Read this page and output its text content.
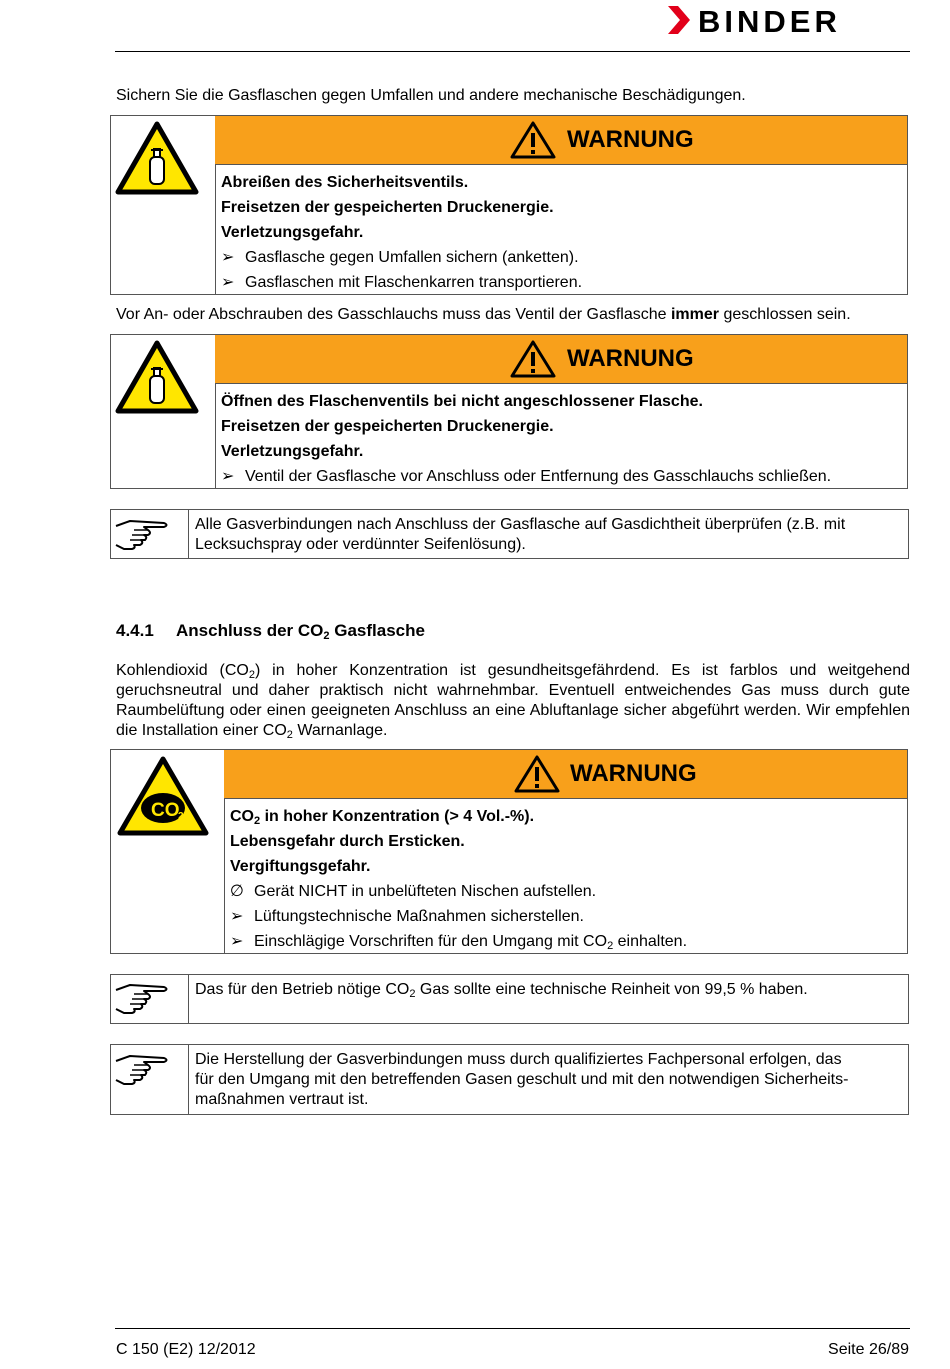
BINDER
Sichern Sie die Gasflaschen gegen Umfallen und andere mechanische Beschädigungen.
WARNUNG
Abreißen des Sicherheitsventils.
Freisetzen der gespeicherten Druckenergie.
Verletzungsgefahr.
➢ Gasflasche gegen Umfallen sichern (anketten).
➢ Gasflaschen mit Flaschenkarren transportieren.
Vor An- oder Abschrauben des Gasschlauchs muss das Ventil der Gasflasche immer geschlossen sein.
WARNUNG
Öffnen des Flaschenventils bei nicht angeschlossener Flasche.
Freisetzen der gespeicherten Druckenergie.
Verletzungsgefahr.
➢ Ventil der Gasflasche vor Anschluss oder Entfernung des Gasschlauchs schließen.
Alle Gasverbindungen nach Anschluss der Gasflasche auf Gasdichtheit überprüfen (z.B. mit Lecksuchspray oder verdünnter Seifenlösung).
4.4.1 Anschluss der $CO_2$ Gasflasche
Kohlendioxid $(CO_2)$ in hoher Konzentration ist gesundheitsgefährdend. Es ist farblos und weitgehend geruchsneutral und daher praktisch nicht wahrnehmbar. Eventuell entweichendes Gas muss durch gute Raumbelüftung oder einen geeigneten Anschluss an eine Abluftanlage sicher abgeführt werden. Wir empfehlen die Installation einer $CO_2$ Warnanlage.
CO
2
WARNUNG
$CO_2$ in hoher Konzentration (> 4 Vol.-%).
Lebensgefahr durch Ersticken.
Vergiftungsgefahr.
∅ Gerät NICHT in unbelüfteten Nischen aufstellen.
➢ Lüftungstechnische Maßnahmen sicherstellen.
➢ Einschlägige Vorschriften für den Umgang mit $CO_2$ einhalten.
Das für den Betrieb nötige $CO_2$ Gas sollte eine technische Reinheit von 99,5 % haben.
Die Herstellung der Gasverbindungen muss durch qualifiziertes Fachpersonal erfolgen, das
für den Umgang mit den betreffenden Gasen geschult und mit den notwendigen Sicherheits-
maßnahmen vertraut ist.
C 150 (E2) 12/2012	Seite 26/89
